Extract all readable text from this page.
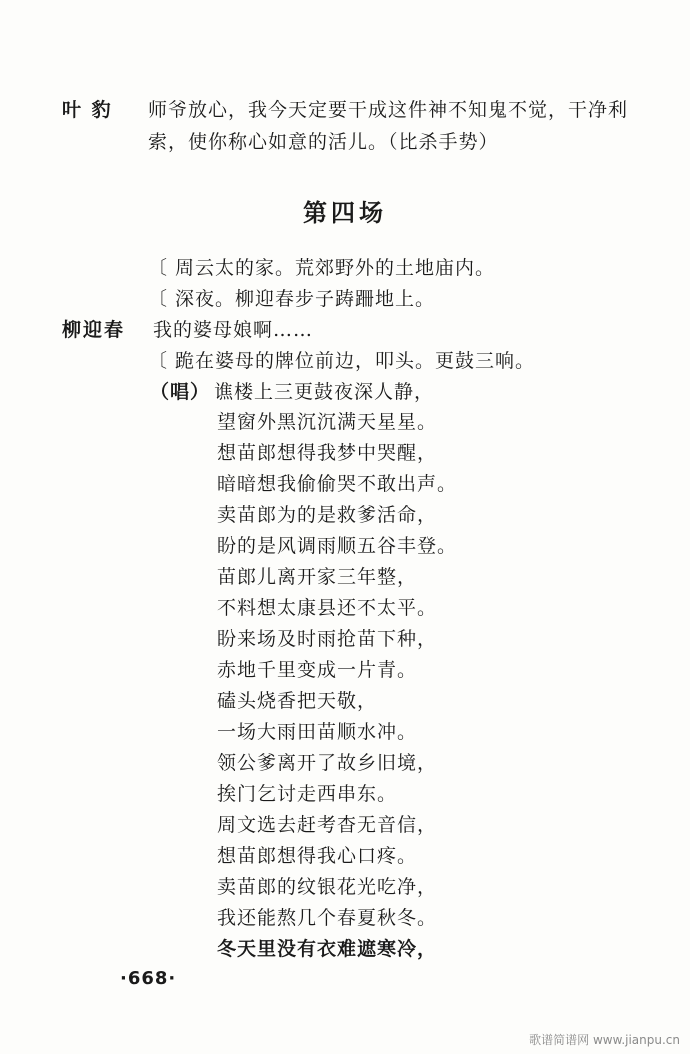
叶 豹 师爷放心，我今天定要干成这件神不知鬼不觉，干净利
索，使你称心如意的活儿。（比杀手势）
第四场
〔 周云太的家。荒郊野外的土地庙内。
〔 深夜。柳迎春步子踌跚地上。
柳迎春 我的婆母娘啊……
〔 跪在婆母的牌位前边，叩头。更鼓三响。
（唱） 谯楼上三更鼓夜深人静，
望窗外黑沉沉满天星星。
想苗郎想得我梦中哭醒，
暗暗想我偷偷哭不敢出声。
卖苗郎为的是救爹活命，
盼的是风调雨顺五谷丰登。
苗郎儿离开家三年整，
不料想太康县还不太平。
盼来场及时雨抢苗下种，
赤地千里变成一片青。
磕头烧香把天敬，
一场大雨田苗顺水冲。
领公爹离开了故乡旧境，
挨门乞讨走西串东。
周文选去赶考杳无音信，
想苗郎想得我心口疼。
卖苗郎的纹银花光吃净，
我还能熬几个春夏秋冬。
冬天里没有衣难遮寒冷，
·668·
歌谱简谱网 www.jianpu.cn
